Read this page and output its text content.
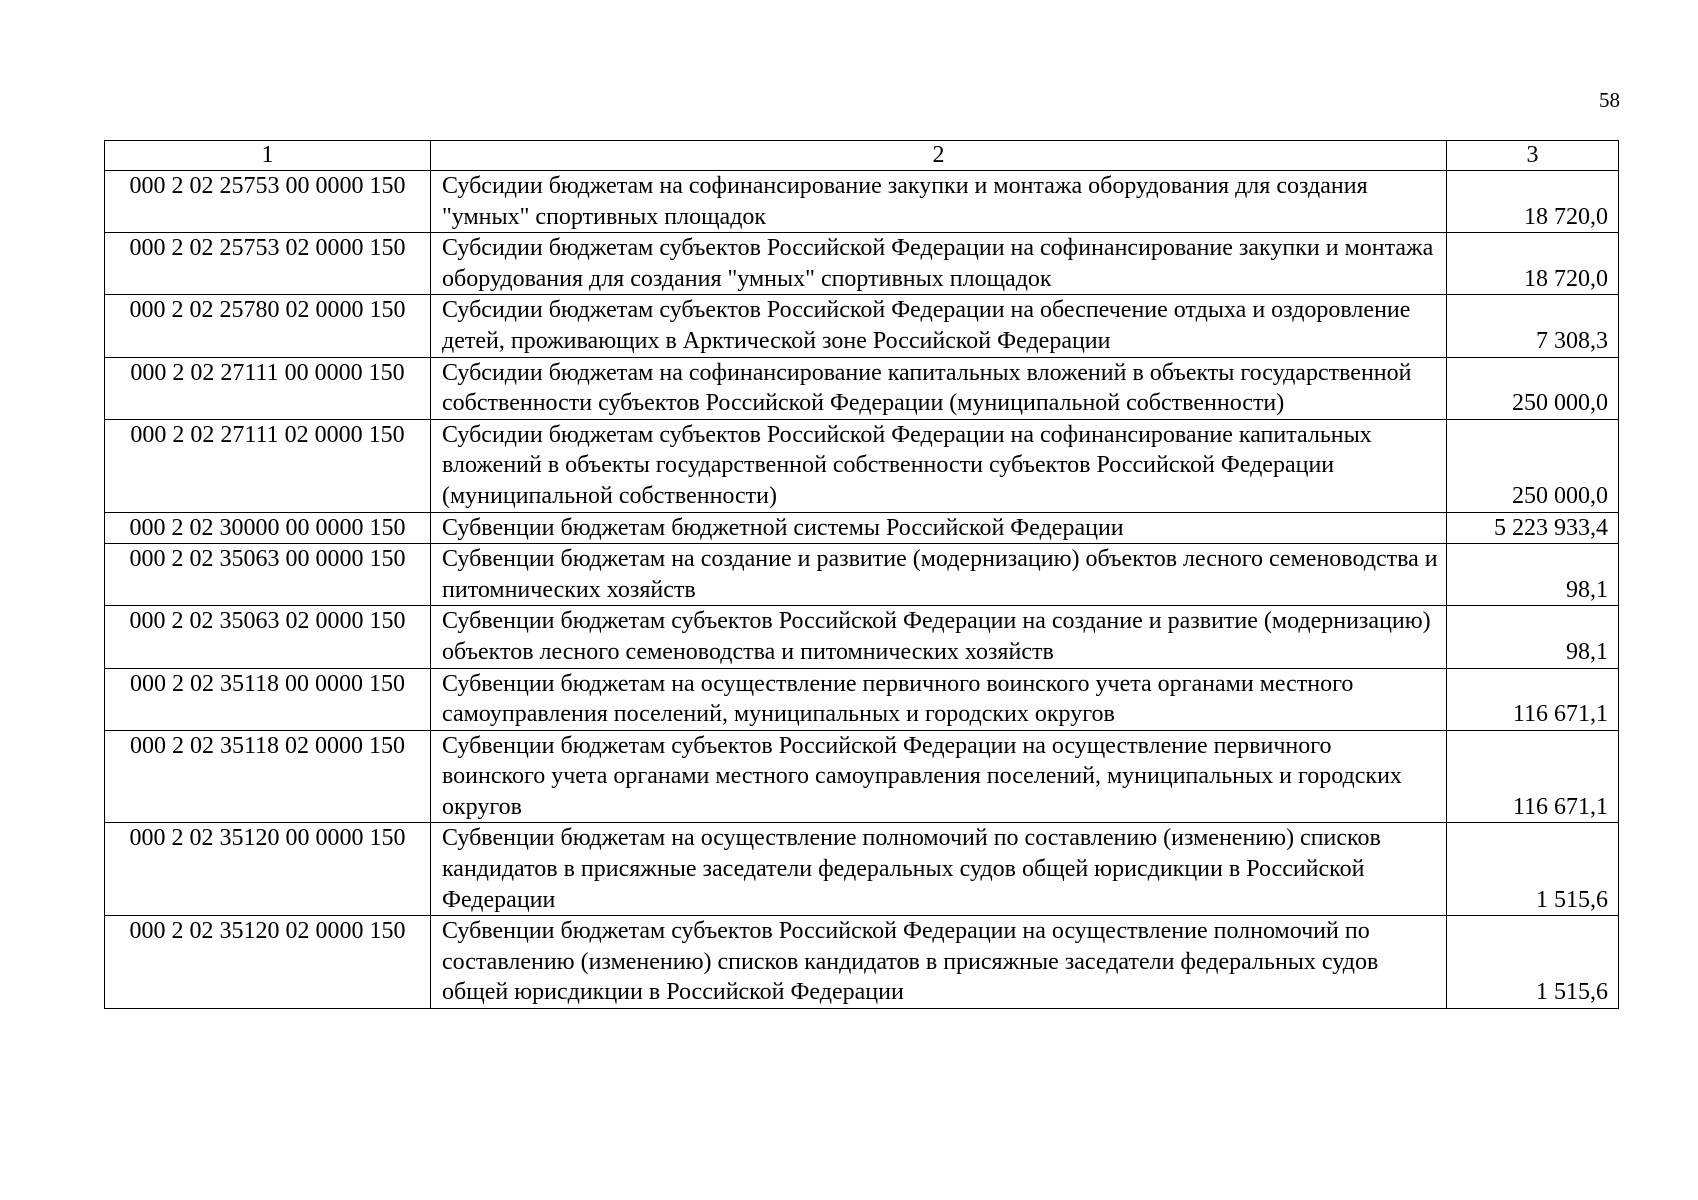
58
1	2	3
000 2 02 25753 00 0000 150	Субсидии бюджетам на софинансирование закупки и монтажа оборудования для создания "умных" спортивных площадок	18 720,0
000 2 02 25753 02 0000 150	Субсидии бюджетам субъектов Российской Федерации на софинансирование закупки и монтажа оборудования для создания "умных" спортивных площадок	18 720,0
000 2 02 25780 02 0000 150	Субсидии бюджетам субъектов Российской Федерации на обеспечение отдыха и оздоровление детей, проживающих в Арктической зоне Российской Федерации	7 308,3
000 2 02 27111 00 0000 150	Субсидии бюджетам на софинансирование капитальных вложений в объекты государственной собственности субъектов Российской Федерации (муниципальной собственности)	250 000,0
000 2 02 27111 02 0000 150	Субсидии бюджетам субъектов Российской Федерации на софинансирование капитальных вложений в объекты государственной собственности субъектов Российской Федерации (муниципальной собственности)	250 000,0
000 2 02 30000 00 0000 150	Субвенции бюджетам бюджетной системы Российской Федерации	5 223 933,4
000 2 02 35063 00 0000 150	Субвенции бюджетам на создание и развитие (модернизацию) объектов лесного семеноводства и питомнических хозяйств	98,1
000 2 02 35063 02 0000 150	Субвенции бюджетам субъектов Российской Федерации на создание и развитие (модернизацию) объектов лесного семеноводства и питомнических хозяйств	98,1
000 2 02 35118 00 0000 150	Субвенции бюджетам на осуществление первичного воинского учета органами местного самоуправления поселений, муниципальных и городских округов	116 671,1
000 2 02 35118 02 0000 150	Субвенции бюджетам субъектов Российской Федерации на осуществление первичного воинского учета органами местного самоуправления поселений, муниципальных и городских округов	116 671,1
000 2 02 35120 00 0000 150	Субвенции бюджетам на осуществление полномочий по составлению (изменению) списков кандидатов в присяжные заседатели федеральных судов общей юрисдикции в Российской Федерации	1 515,6
000 2 02 35120 02 0000 150	Субвенции бюджетам субъектов Российской Федерации на осуществление полномочий по составлению (изменению) списков кандидатов в присяжные заседатели федеральных судов общей юрисдикции в Российской Федерации	1 515,6
